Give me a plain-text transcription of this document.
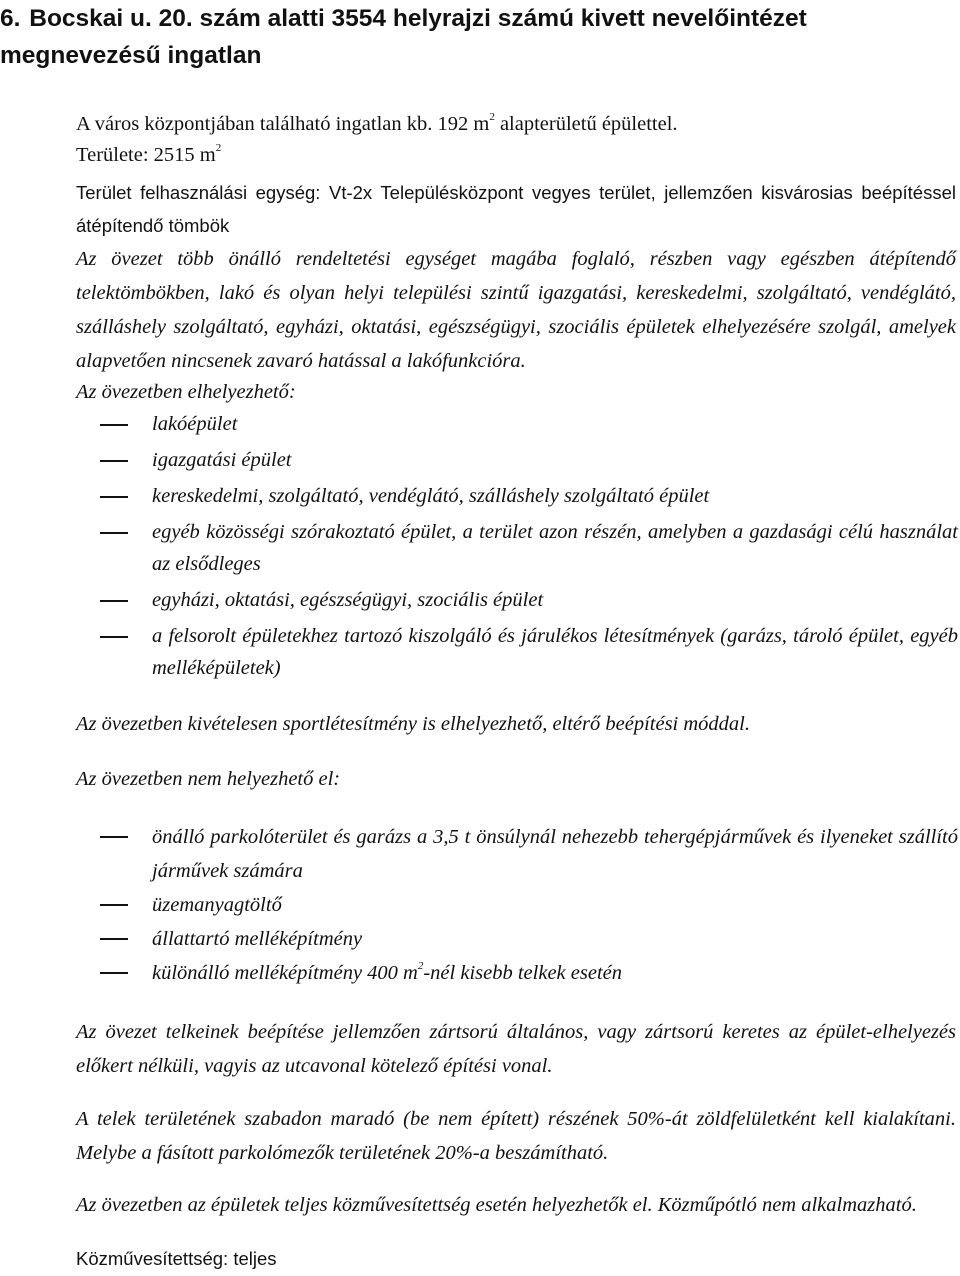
6. Bocskai u. 20. szám alatti 3554 helyrajzi számú kivett nevelőintézet megnevezésű ingatlan

A város központjában található ingatlan kb. 192 $m^2$ alapterületű épülettel.
Területe: 2515 $m^2$

Terület felhasználási egység: Vt-2x Településközpont vegyes terület, jellemzően kisvárosias beépítéssel átépítendő tömbök

Az övezet több önálló rendeltetési egységet magába foglaló, részben vagy egészben átépítendő telektömbökben, lakó és olyan helyi települési szintű igazgatási, kereskedelmi, szolgáltató, vendéglátó, szálláshely szolgáltató, egyházi, oktatási, egészségügyi, szociális épületek elhelyezésére szolgál, amelyek alapvetően nincsenek zavaró hatással a lakófunkcióra.

Az övezetben elhelyezhető:

lakóépület
igazgatási épület
kereskedelmi, szolgáltató, vendéglátó, szálláshely szolgáltató épület
egyéb közösségi szórakoztató épület, a terület azon részén, amelyben a gazdasági célú használat az elsődleges
egyházi, oktatási, egészségügyi, szociális épület
a felsorolt épületekhez tartozó kiszolgáló és járulékos létesítmények (garázs, tároló épület, egyéb melléképületek)

Az övezetben kivételesen sportlétesítmény is elhelyezhető, eltérő beépítési móddal.

Az övezetben nem helyezhető el:

önálló parkolóterület és garázs a 3,5 t önsúlynál nehezebb tehergépjárművek és ilyeneket szállító járművek számára
üzemanyagtöltő
állattartó melléképítmény
különálló melléképítmény 400 $m^2$-nél kisebb telkek esetén

Az övezet telkeinek beépítése jellemzően zártsorú általános, vagy zártsorú keretes az épület-elhelyezés előkert nélküli, vagyis az utcavonal kötelező építési vonal.

A telek területének szabadon maradó (be nem épített) részének 50%-át zöldfelületként kell kialakítani. Melybe a fásított parkolómezők területének 20%-a beszámítható.

Az övezetben az épületek teljes közművesítettség esetén helyezhetők el. Közműpótló nem alkalmazható.

Közművesítettség: teljes
